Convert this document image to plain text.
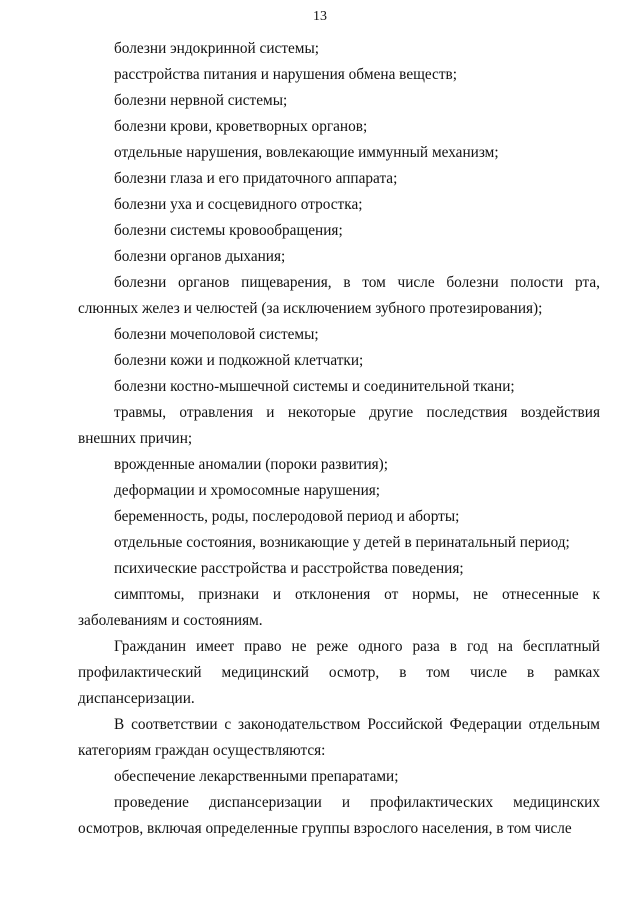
13

болезни эндокринной системы;

расстройства питания и нарушения обмена веществ;

болезни нервной системы;

болезни крови, кроветворных органов;

отдельные нарушения, вовлекающие иммунный механизм;

болезни глаза и его придаточного аппарата;

болезни уха и сосцевидного отростка;

болезни системы кровообращения;

болезни органов дыхания;

болезни органов пищеварения, в том числе болезни полости рта, слюнных желез и челюстей (за исключением зубного протезирования);

болезни мочеполовой системы;

болезни кожи и подкожной клетчатки;

болезни костно-мышечной системы и соединительной ткани;

травмы, отравления и некоторые другие последствия воздействия внешних причин;

врожденные аномалии (пороки развития);

деформации и хромосомные нарушения;

беременность, роды, послеродовой период и аборты;

отдельные состояния, возникающие у детей в перинатальный период;

психические расстройства и расстройства поведения;

симптомы, признаки и отклонения от нормы, не отнесенные к заболеваниям и состояниям.

Гражданин имеет право не реже одного раза в год на бесплатный профилактический медицинский осмотр, в том числе в рамках диспансеризации.

В соответствии с законодательством Российской Федерации отдельным категориям граждан осуществляются:

обеспечение лекарственными препаратами;

проведение диспансеризации и профилактических медицинских осмотров, включая определенные группы взрослого населения, в том числе
